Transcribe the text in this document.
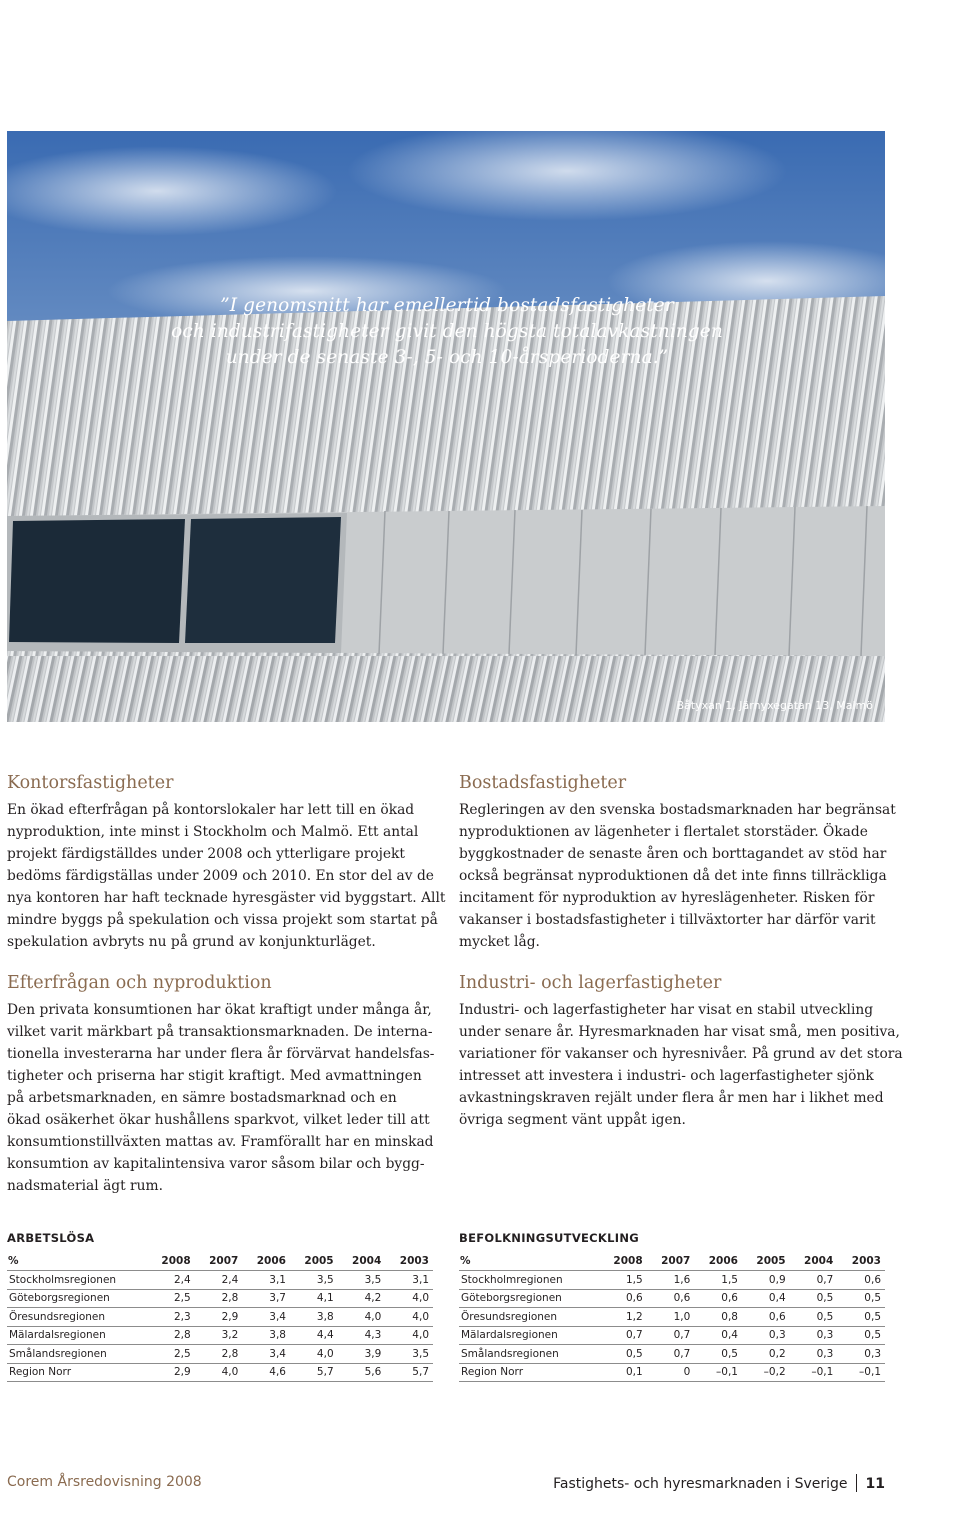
”I genomsnitt har emellertid bostadsfastigheter
och industrifastigheter givit den högsta totalavkastningen
under de senaste 3-, 5- och 10-årsperioderna.”
Båtyxan 1, Järnyxegatan 13, Malmö
Kontorsfastigheter
En ökad efterfrågan på kontorslokaler har lett till en ökad
nyproduktion, inte minst i Stockholm och Malmö. Ett antal
projekt färdigställdes under 2008 och ytterligare projekt
bedöms färdigställas under 2009 och 2010. En stor del av de
nya kontoren har haft tecknade hyresgäster vid byggstart. Allt
mindre byggs på spekulation och vissa projekt som startat på
spekulation avbryts nu på grund av konjunkturläget.
Efterfrågan och nyproduktion
Den privata konsumtionen har ökat kraftigt under många år,
vilket varit märkbart på transaktionsmarknaden. De interna-
tionella investerarna har under flera år förvärvat handelsfas-
tigheter och priserna har stigit kraftigt. Med avmattningen
på arbetsmarknaden, en sämre bostadsmarknad och en
ökad osäkerhet ökar hushållens sparkvot, vilket leder till att
konsumtionstillväxten mattas av. Framförallt har en minskad
konsumtion av kapitalintensiva varor såsom bilar och bygg-
nadsmaterial ägt rum.
Bostadsfastigheter
Regleringen av den svenska bostadsmarknaden har begränsat
nyproduktionen av lägenheter i flertalet storstäder. Ökade
byggkostnader de senaste åren och borttagandet av stöd har
också begränsat nyproduktionen då det inte finns tillräckliga
incitament för nyproduktion av hyreslägenheter. Risken för
vakanser i bostadsfastigheter i tillväxtorter har därför varit
mycket låg.
Industri- och lagerfastigheter
Industri- och lagerfastigheter har visat en stabil utveckling
under senare år. Hyresmarknaden har visat små, men positiva,
variationer för vakanser och hyresnivåer. På grund av det stora
intresset att investera i industri- och lagerfastigheter sjönk
avkastningskraven rejält under flera år men har i likhet med
övriga segment vänt uppåt igen.
ARBETSLÖSA
%	2008	2007	2006	2005	2004	2003
Stockholmsregionen	2,4	2,4	3,1	3,5	3,5	3,1
Göteborgsregionen	2,5	2,8	3,7	4,1	4,2	4,0
Öresundsregionen	2,3	2,9	3,4	3,8	4,0	4,0
Mälardalsregionen	2,8	3,2	3,8	4,4	4,3	4,0
Smålandsregionen	2,5	2,8	3,4	4,0	3,9	3,5
Region Norr	2,9	4,0	4,6	5,7	5,6	5,7
BEFOLKNINGSUTVECKLING
%	2008	2007	2006	2005	2004	2003
Stockholmregionen	1,5	1,6	1,5	0,9	0,7	0,6
Göteborgsregionen	0,6	0,6	0,6	0,4	0,5	0,5
Öresundsregionen	1,2	1,0	0,8	0,6	0,5	0,5
Mälardalsregionen	0,7	0,7	0,4	0,3	0,3	0,5
Smålandsregionen	0,5	0,7	0,5	0,2	0,3	0,3
Region Norr	0,1	0	–0,1	–0,2	–0,1	–0,1
Corem Årsredovisning 2008	Fastighets- och hyresmarknaden i Sverige 11
